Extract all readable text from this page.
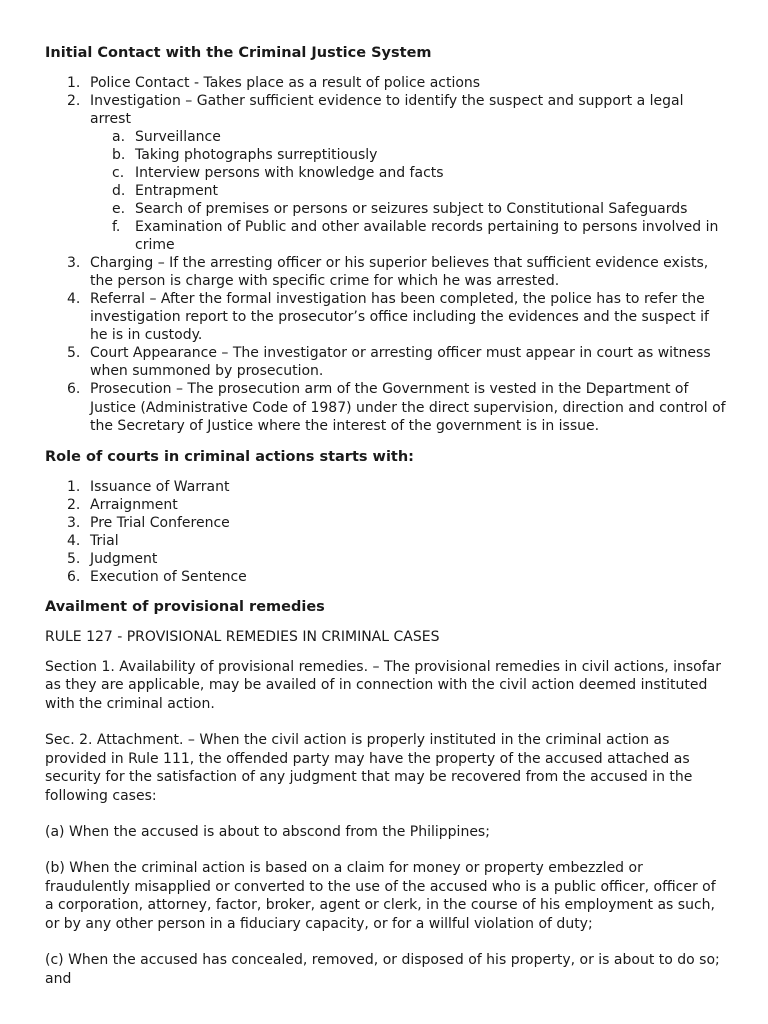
Initial Contact with the Criminal Justice System

1. Police Contact - Takes place as a result of police actions
2. Investigation – Gather sufficient evidence to identify the suspect and support a legal arrest
a. Surveillance
b. Taking photographs surreptitiously
c. Interview persons with knowledge and facts
d. Entrapment
e. Search of premises or persons or seizures subject to Constitutional Safeguards
f. Examination of Public and other available records pertaining to persons involved in crime
3. Charging – If the arresting officer or his superior believes that sufficient evidence exists, the person is charge with specific crime for which he was arrested.
4. Referral – After the formal investigation has been completed, the police has to refer the investigation report to the prosecutor’s office including the evidences and the suspect if he is in custody.
5. Court Appearance – The investigator or arresting officer must appear in court as witness when summoned by prosecution.
6. Prosecution – The prosecution arm of the Government is vested in the Department of Justice (Administrative Code of 1987) under the direct supervision, direction and control of the Secretary of Justice where the interest of the government is in issue.

Role of courts in criminal actions starts with:

1. Issuance of Warrant
2. Arraignment
3. Pre Trial Conference
4. Trial
5. Judgment
6. Execution of Sentence

Availment of provisional remedies

RULE 127 - PROVISIONAL REMEDIES IN CRIMINAL CASES

Section 1. Availability of provisional remedies. – The provisional remedies in civil actions, insofar as they are applicable, may be availed of in connection with the civil action deemed instituted with the criminal action.

Sec. 2. Attachment. – When the civil action is properly instituted in the criminal action as provided in Rule 111, the offended party may have the property of the accused attached as security for the satisfaction of any judgment that may be recovered from the accused in the following cases:

(a) When the accused is about to abscond from the Philippines;

(b) When the criminal action is based on a claim for money or property embezzled or fraudulently misapplied or converted to the use of the accused who is a public officer, officer of a corporation, attorney, factor, broker, agent or clerk, in the course of his employment as such, or by any other person in a fiduciary capacity, or for a willful violation of duty;

(c) When the accused has concealed, removed, or disposed of his property, or is about to do so; and
